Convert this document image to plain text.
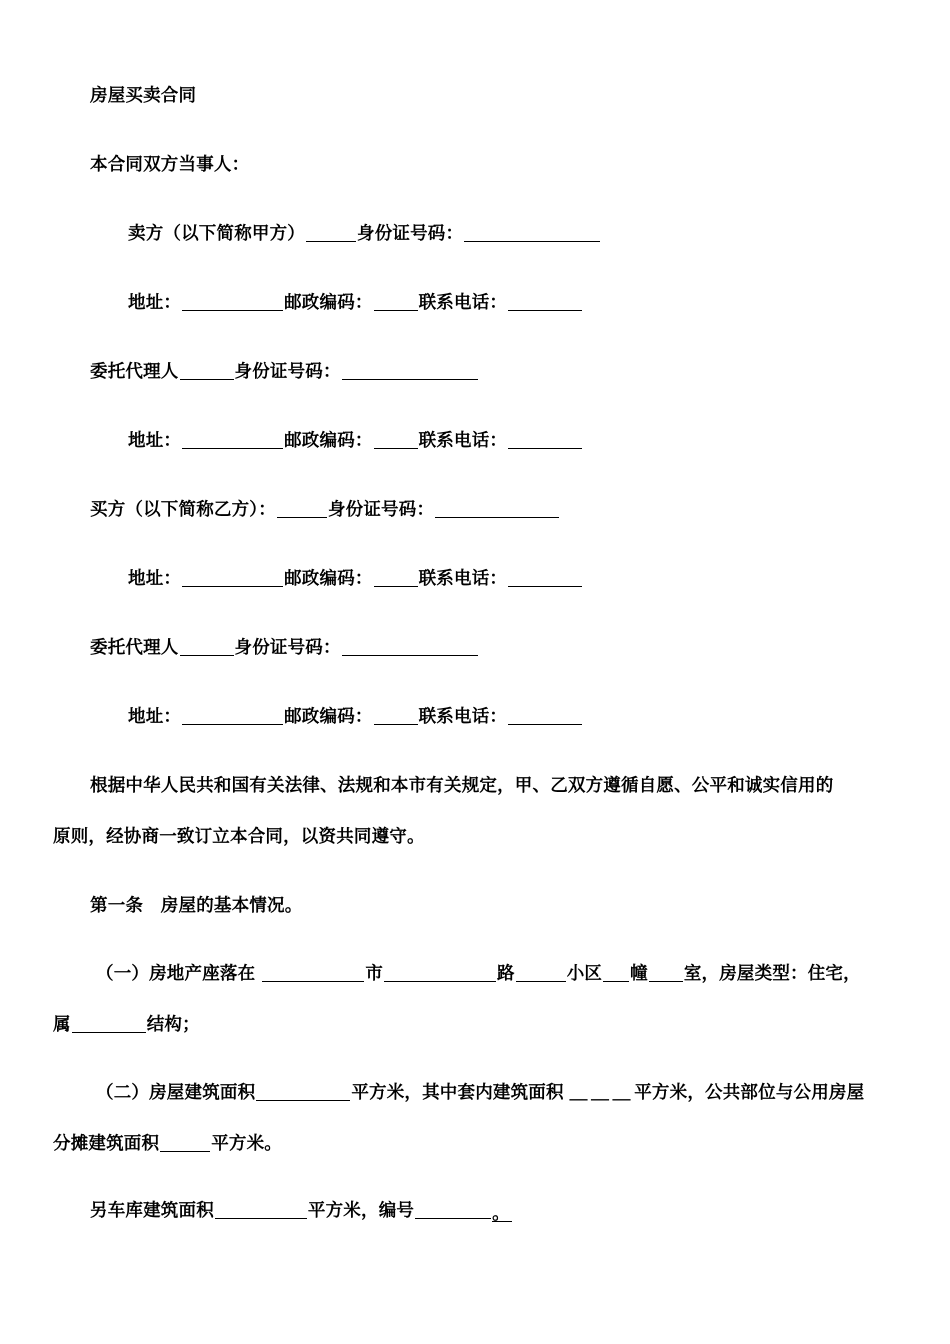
房屋买卖合同
本合同双方当事人：
卖方（以下简称甲方）	身份证号码：
地址：	邮政编码：	联系电话：
委托代理人	身份证号码：
地址：	邮政编码：	联系电话：
买方（以下简称乙方）：	身份证号码：
地址：	邮政编码：	联系电话：
委托代理人	身份证号码：
地址：	邮政编码：	联系电话：
根据中华人民共和国有关法律、法规和本市有关规定，甲、乙双方遵循自愿、公平和诚实信用的
原则，经协商一致订立本合同，以资共同遵守。
第一条　房屋的基本情况。
（一）房地产座落在	市	路	小区 幢 室，房屋类型：住宅，
属	结构；
（二）房屋建筑面积	平方米，其中套内建筑面积 ＿＿＿平方米，公共部位与公用房屋
分摊建筑面积	平方米。
另车库建筑面积	平方米，编号	。
